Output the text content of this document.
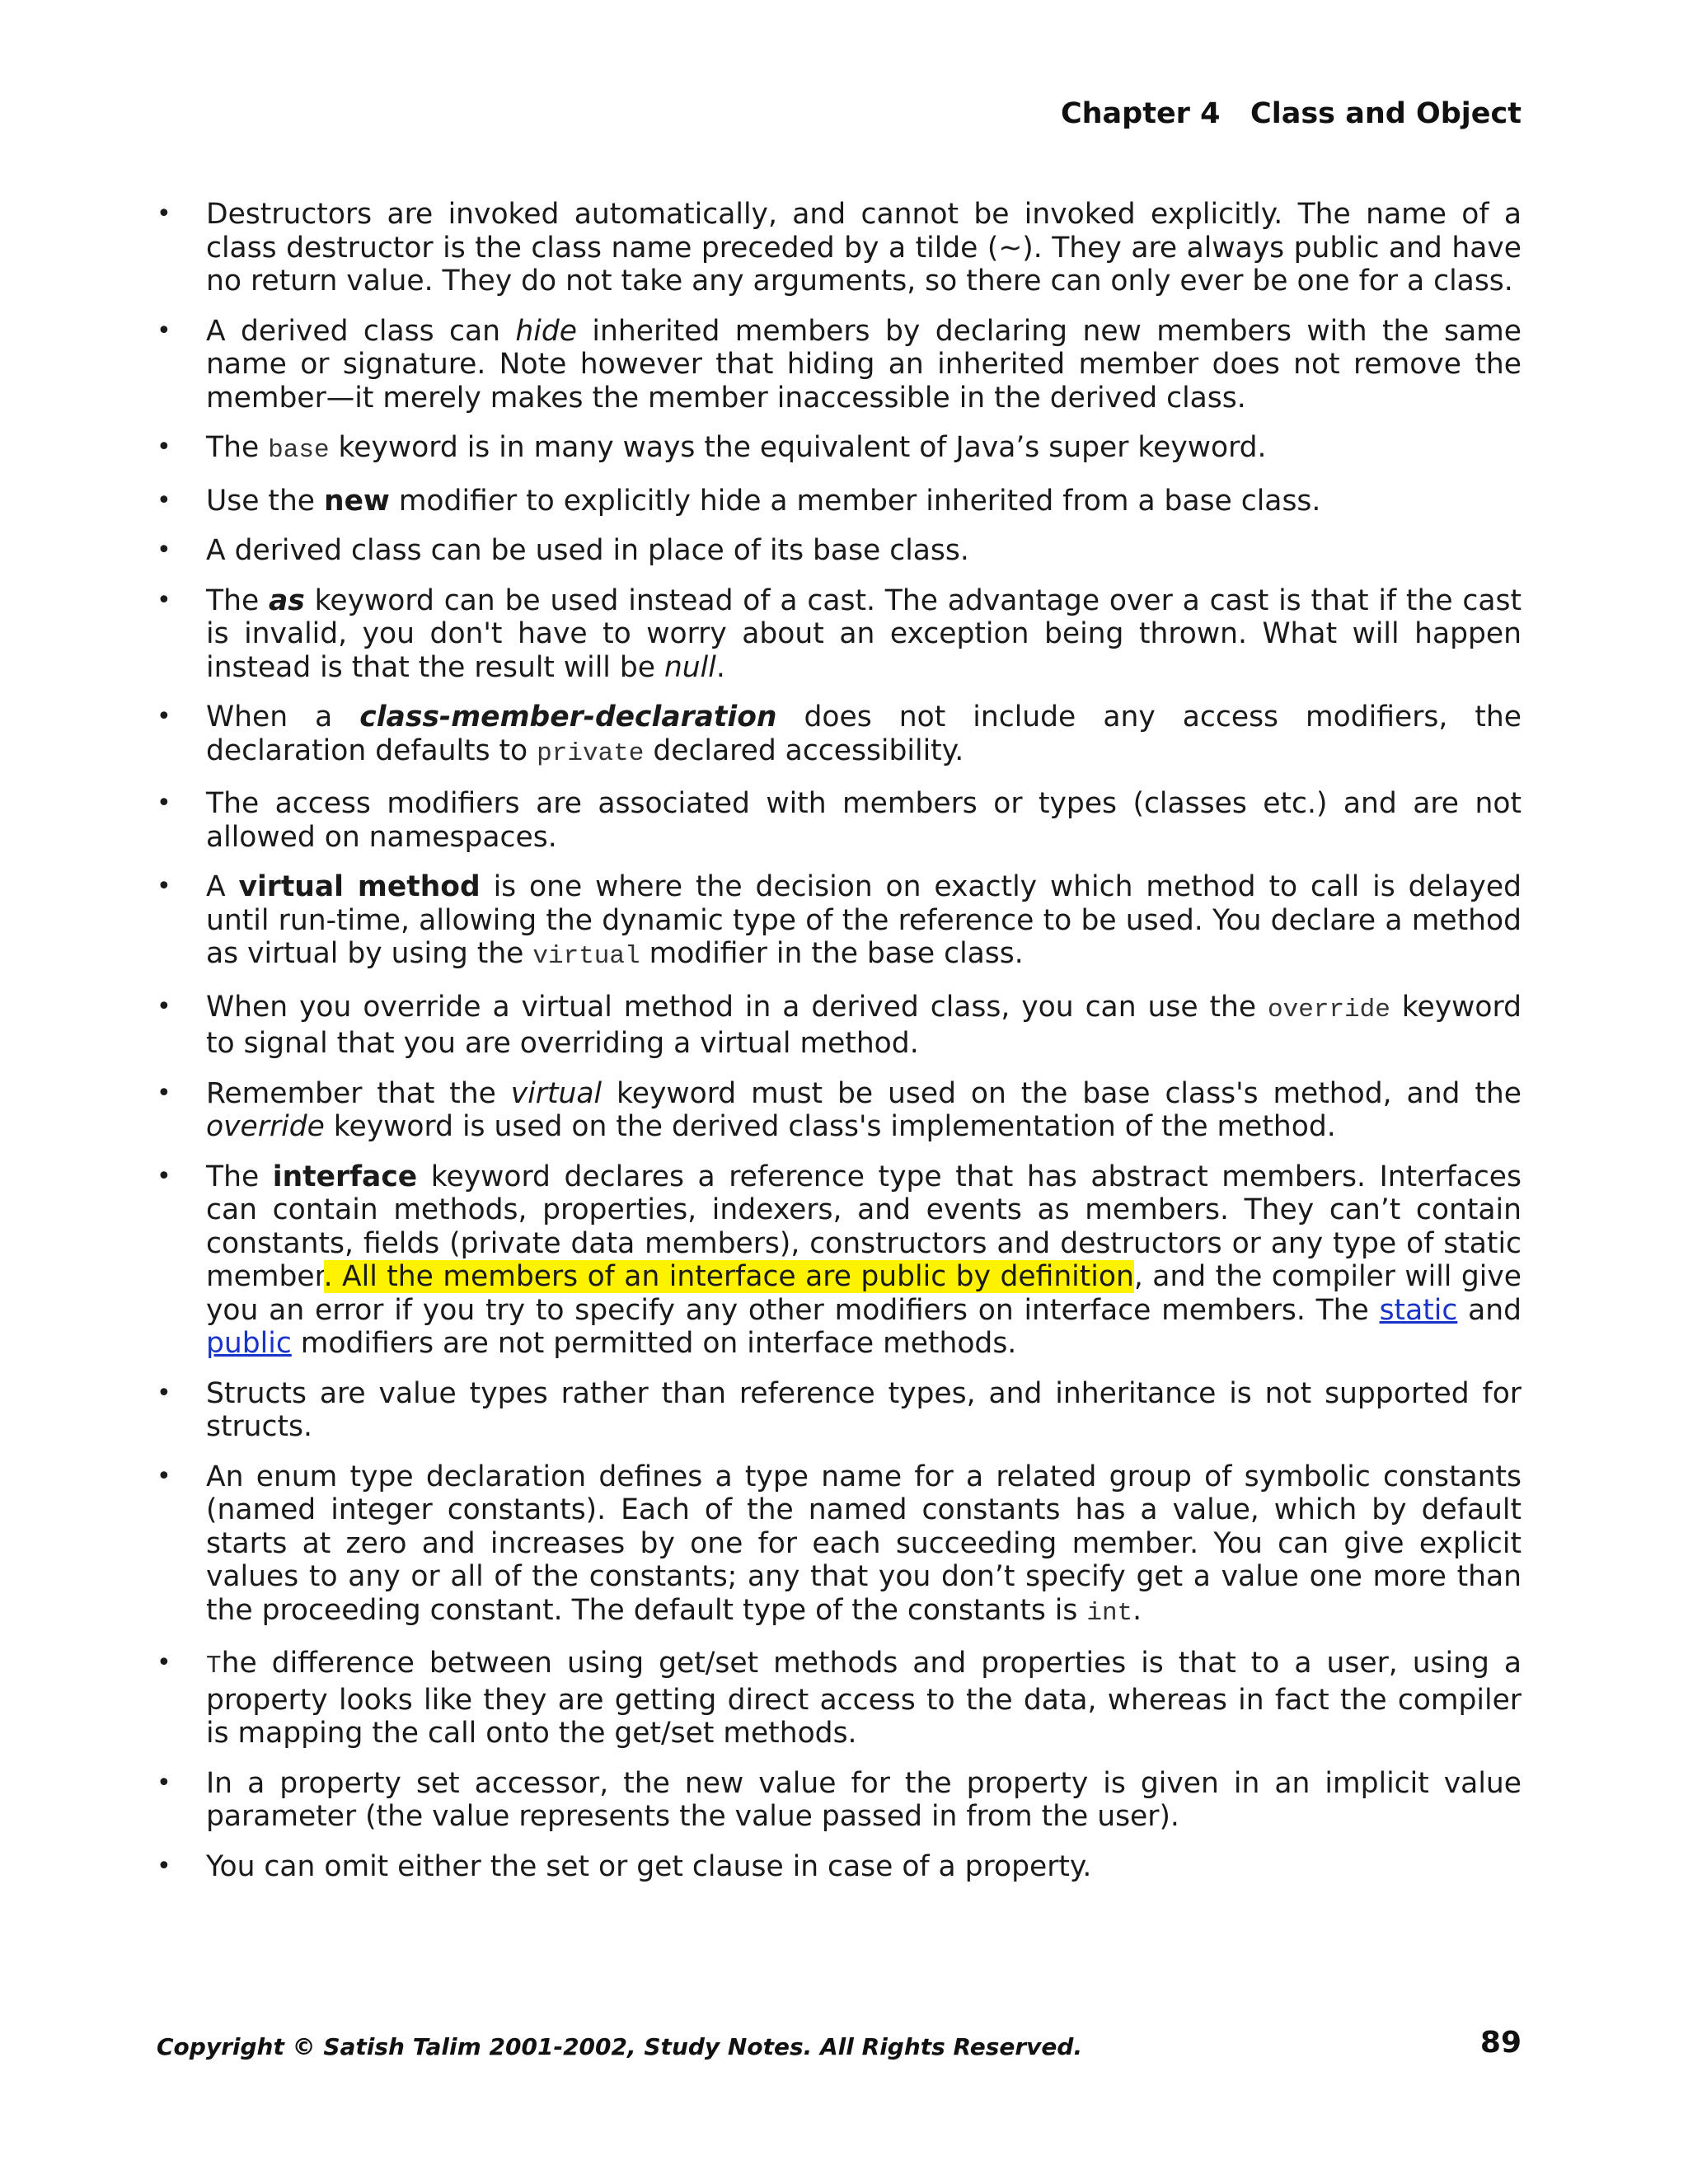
Chapter 4 Class and Object
• Destructors are invoked automatically, and cannot be invoked explicitly. The name of a class destructor is the class name preceded by a tilde (~). They are always public and have no return value. They do not take any arguments, so there can only ever be one for a class.
• A derived class can hide inherited members by declaring new members with the same name or signature. Note however that hiding an inherited member does not remove the member—it merely makes the member inaccessible in the derived class.
• The base keyword is in many ways the equivalent of Java’s super keyword.
• Use the new modifier to explicitly hide a member inherited from a base class.
• A derived class can be used in place of its base class.
• The as keyword can be used instead of a cast. The advantage over a cast is that if the cast is invalid, you don't have to worry about an exception being thrown. What will happen instead is that the result will be null.
• When a class-member-declaration does not include any access modifiers, the declaration defaults to private declared accessibility.
• The access modifiers are associated with members or types (classes etc.) and are not allowed on namespaces.
• A virtual method is one where the decision on exactly which method to call is delayed until run-time, allowing the dynamic type of the reference to be used. You declare a method as virtual by using the virtual modifier in the base class.
• When you override a virtual method in a derived class, you can use the override keyword to signal that you are overriding a virtual method.
• Remember that the virtual keyword must be used on the base class's method, and the override keyword is used on the derived class's implementation of the method.
• The interface keyword declares a reference type that has abstract members. Interfaces can contain methods, properties, indexers, and events as members. They can’t contain constants, fields (private data members), constructors and destructors or any type of static member. All the members of an interface are public by definition, and the compiler will give you an error if you try to specify any other modifiers on interface members. The static and public modifiers are not permitted on interface methods.
• Structs are value types rather than reference types, and inheritance is not supported for structs.
• An enum type declaration defines a type name for a related group of symbolic constants (named integer constants). Each of the named constants has a value, which by default starts at zero and increases by one for each succeeding member. You can give explicit values to any or all of the constants; any that you don’t specify get a value one more than the proceeding constant. The default type of the constants is int.
• The difference between using get/set methods and properties is that to a user, using a property looks like they are getting direct access to the data, whereas in fact the compiler is mapping the call onto the get/set methods.
• In a property set accessor, the new value for the property is given in an implicit value parameter (the value represents the value passed in from the user).
• You can omit either the set or get clause in case of a property.
Copyright © Satish Talim 2001-2002, Study Notes. All Rights Reserved.	89
